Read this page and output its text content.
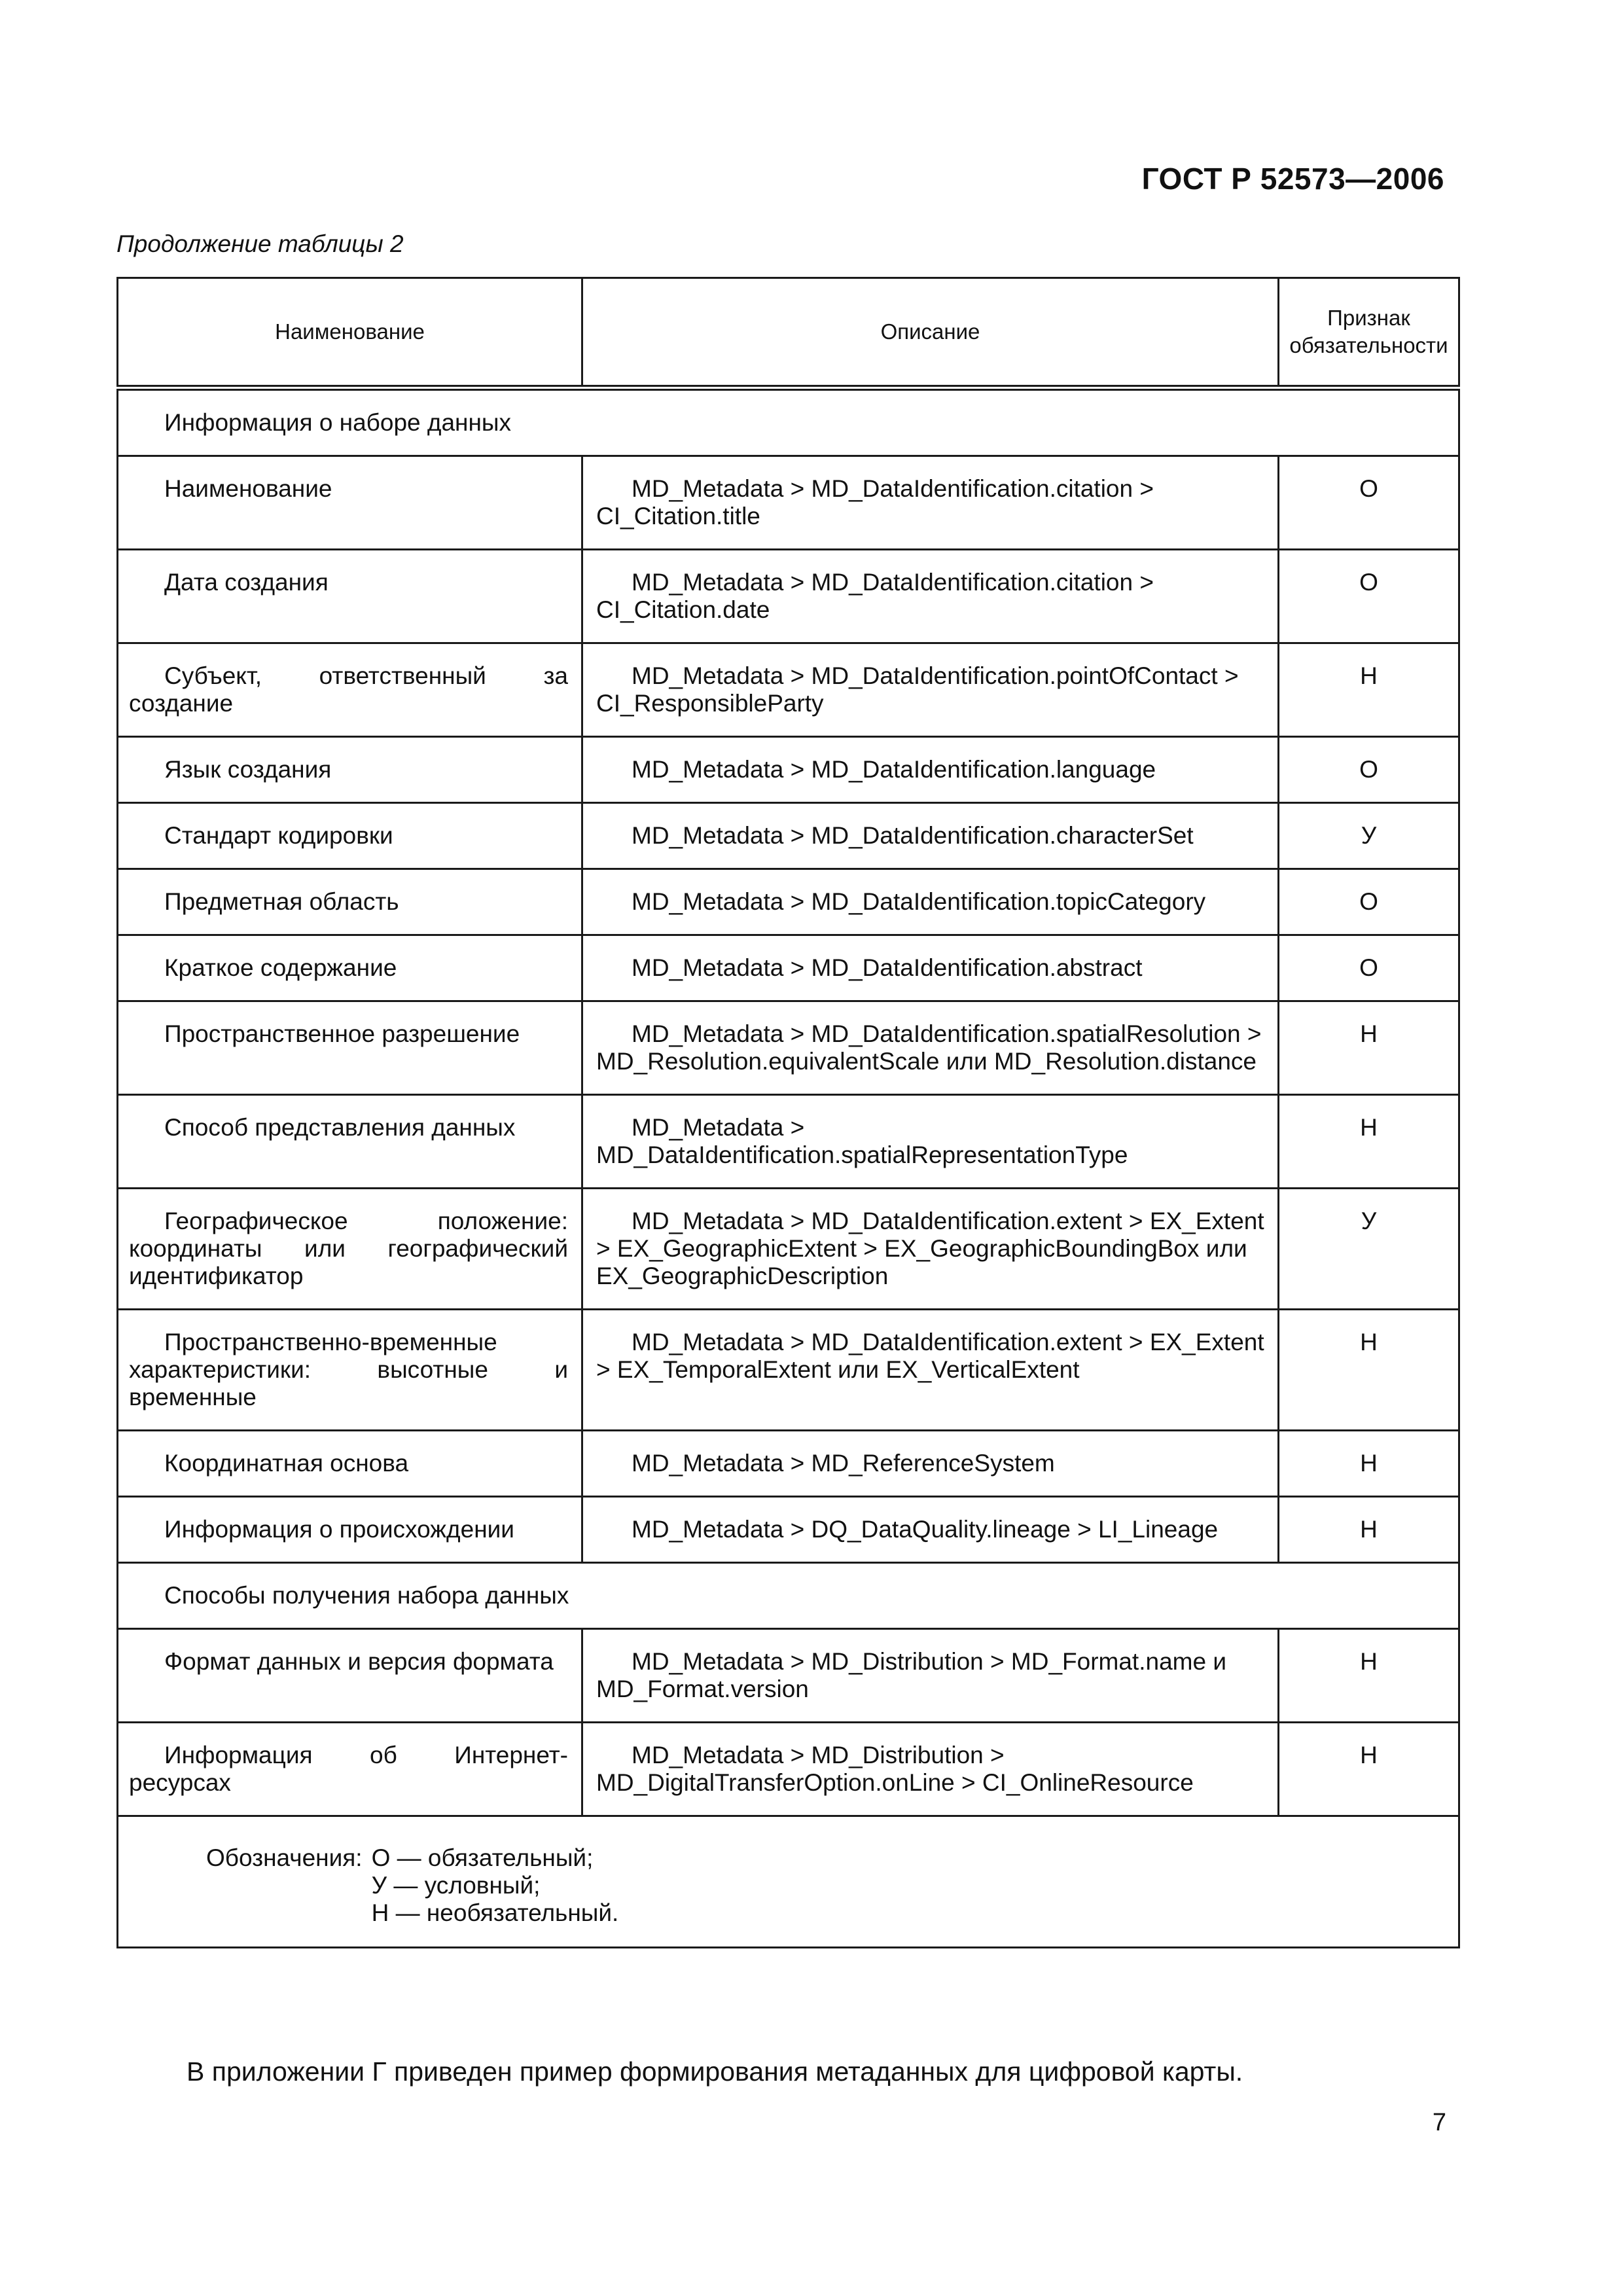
ГОСТ Р 52573—2006
Продолжение таблицы 2
Наименование	Описание	Признак обязательности
Информация о наборе данных		
Наименование	MD_Metadata > MD_DataIdentification.citation > CI_Citation.title	О
Дата создания	MD_Metadata > MD_DataIdentification.citation > CI_Citation.date	О
Субъект, ответственный за создание	MD_Metadata > MD_DataIdentification.pointOfContact > CI_ResponsibleParty	Н
Язык создания	MD_Metadata > MD_DataIdentification.language	О
Стандарт кодировки	MD_Metadata > MD_DataIdentification.characterSet	У
Предметная область	MD_Metadata > MD_DataIdentification.topicCategory	О
Краткое содержание	MD_Metadata > MD_DataIdentification.abstract	О
Пространственное разрешение	MD_Metadata > MD_DataIdentification.spatialResolution > MD_Resolution.equivalentScale или MD_Resolution.distance	Н
Способ представления данных	MD_Metadata > MD_DataIdentification.spatialRepresentationType	Н
Географическое положение: координаты или географический идентификатор	MD_Metadata > MD_DataIdentification.extent > EX_Extent > EX_GeographicExtent > EX_GeographicBoundingBox или EX_GeographicDescription	У
Пространственно-временные характеристики: высотные и временные	MD_Metadata > MD_DataIdentification.extent > EX_Extent > EX_TemporalExtent или EX_VerticalExtent	Н
Координатная основа	MD_Metadata > MD_ReferenceSystem	Н
Информация о происхождении	MD_Metadata > DQ_DataQuality.lineage > LI_Lineage	Н
Способы получения набора данных		
Формат данных и версия формата	MD_Metadata > MD_Distribution > MD_Format.name и MD_Format.version	Н
Информация об Интернет-ресурсах	MD_Metadata > MD_Distribution > MD_DigitalTransferOption.onLine > CI_OnlineResource	Н

Обозначения: О — обязательный;
У — условный;
Н — необязательный.		
В приложении Г приведен пример формирования метаданных для цифровой карты.
7
